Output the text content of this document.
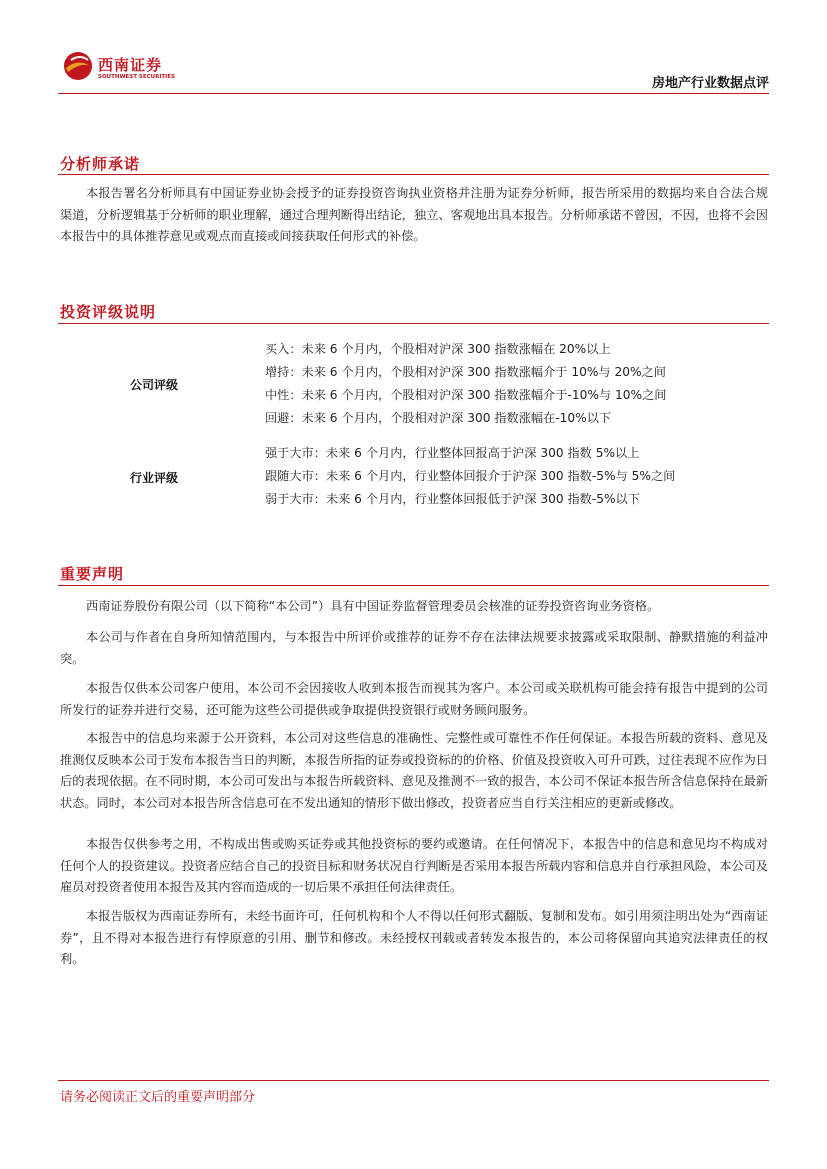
西南证券
SOUTHWEST SECURITIES	房地产行业数据点评
分析师承诺

本报告署名分析师具有中国证券业协会授予的证券投资咨询执业资格并注册为证券分析师，报告所采用的数据均来自合法合规渠道，分析逻辑基于分析师的职业理解，通过合理判断得出结论，独立、客观地出具本报告。分析师承诺不曾因，不因，也将不会因本报告中的具体推荐意见或观点而直接或间接获取任何形式的补偿。

投资评级说明
公司评级
买入：未来 6 个月内，个股相对沪深 300 指数涨幅在 20%以上
增持：未来 6 个月内，个股相对沪深 300 指数涨幅介于 10%与 20%之间
中性：未来 6 个月内，个股相对沪深 300 指数涨幅介于-10%与 10%之间
回避：未来 6 个月内，个股相对沪深 300 指数涨幅在-10%以下
行业评级
强于大市：未来 6 个月内，行业整体回报高于沪深 300 指数 5%以上
跟随大市：未来 6 个月内，行业整体回报介于沪深 300 指数-5%与 5%之间
弱于大市：未来 6 个月内，行业整体回报低于沪深 300 指数-5%以下
重要声明

西南证券股份有限公司（以下简称“本公司”）具有中国证券监督管理委员会核准的证券投资咨询业务资格。

本公司与作者在自身所知情范围内，与本报告中所评价或推荐的证券不存在法律法规要求披露或采取限制、静默措施的利益冲突。

本报告仅供本公司客户使用，本公司不会因接收人收到本报告而视其为客户。本公司或关联机构可能会持有报告中提到的公司所发行的证券并进行交易，还可能为这些公司提供或争取提供投资银行或财务顾问服务。

本报告中的信息均来源于公开资料，本公司对这些信息的准确性、完整性或可靠性不作任何保证。本报告所载的资料、意见及推测仅反映本公司于发布本报告当日的判断，本报告所指的证券或投资标的的价格、价值及投资收入可升可跌，过往表现不应作为日后的表现依据。在不同时期，本公司可发出与本报告所载资料、意见及推测不一致的报告，本公司不保证本报告所含信息保持在最新状态。同时，本公司对本报告所含信息可在不发出通知的情形下做出修改，投资者应当自行关注相应的更新或修改。

本报告仅供参考之用，不构成出售或购买证券或其他投资标的要约或邀请。在任何情况下，本报告中的信息和意见均不构成对任何个人的投资建议。投资者应结合自己的投资目标和财务状况自行判断是否采用本报告所载内容和信息并自行承担风险，本公司及雇员对投资者使用本报告及其内容而造成的一切后果不承担任何法律责任。

本报告版权为西南证券所有，未经书面许可，任何机构和个人不得以任何形式翻版、复制和发布。如引用须注明出处为“西南证券”，且不得对本报告进行有悖原意的引用、删节和修改。未经授权刊载或者转发本报告的，本公司将保留向其追究法律责任的权利。

请务必阅读正文后的重要声明部分
